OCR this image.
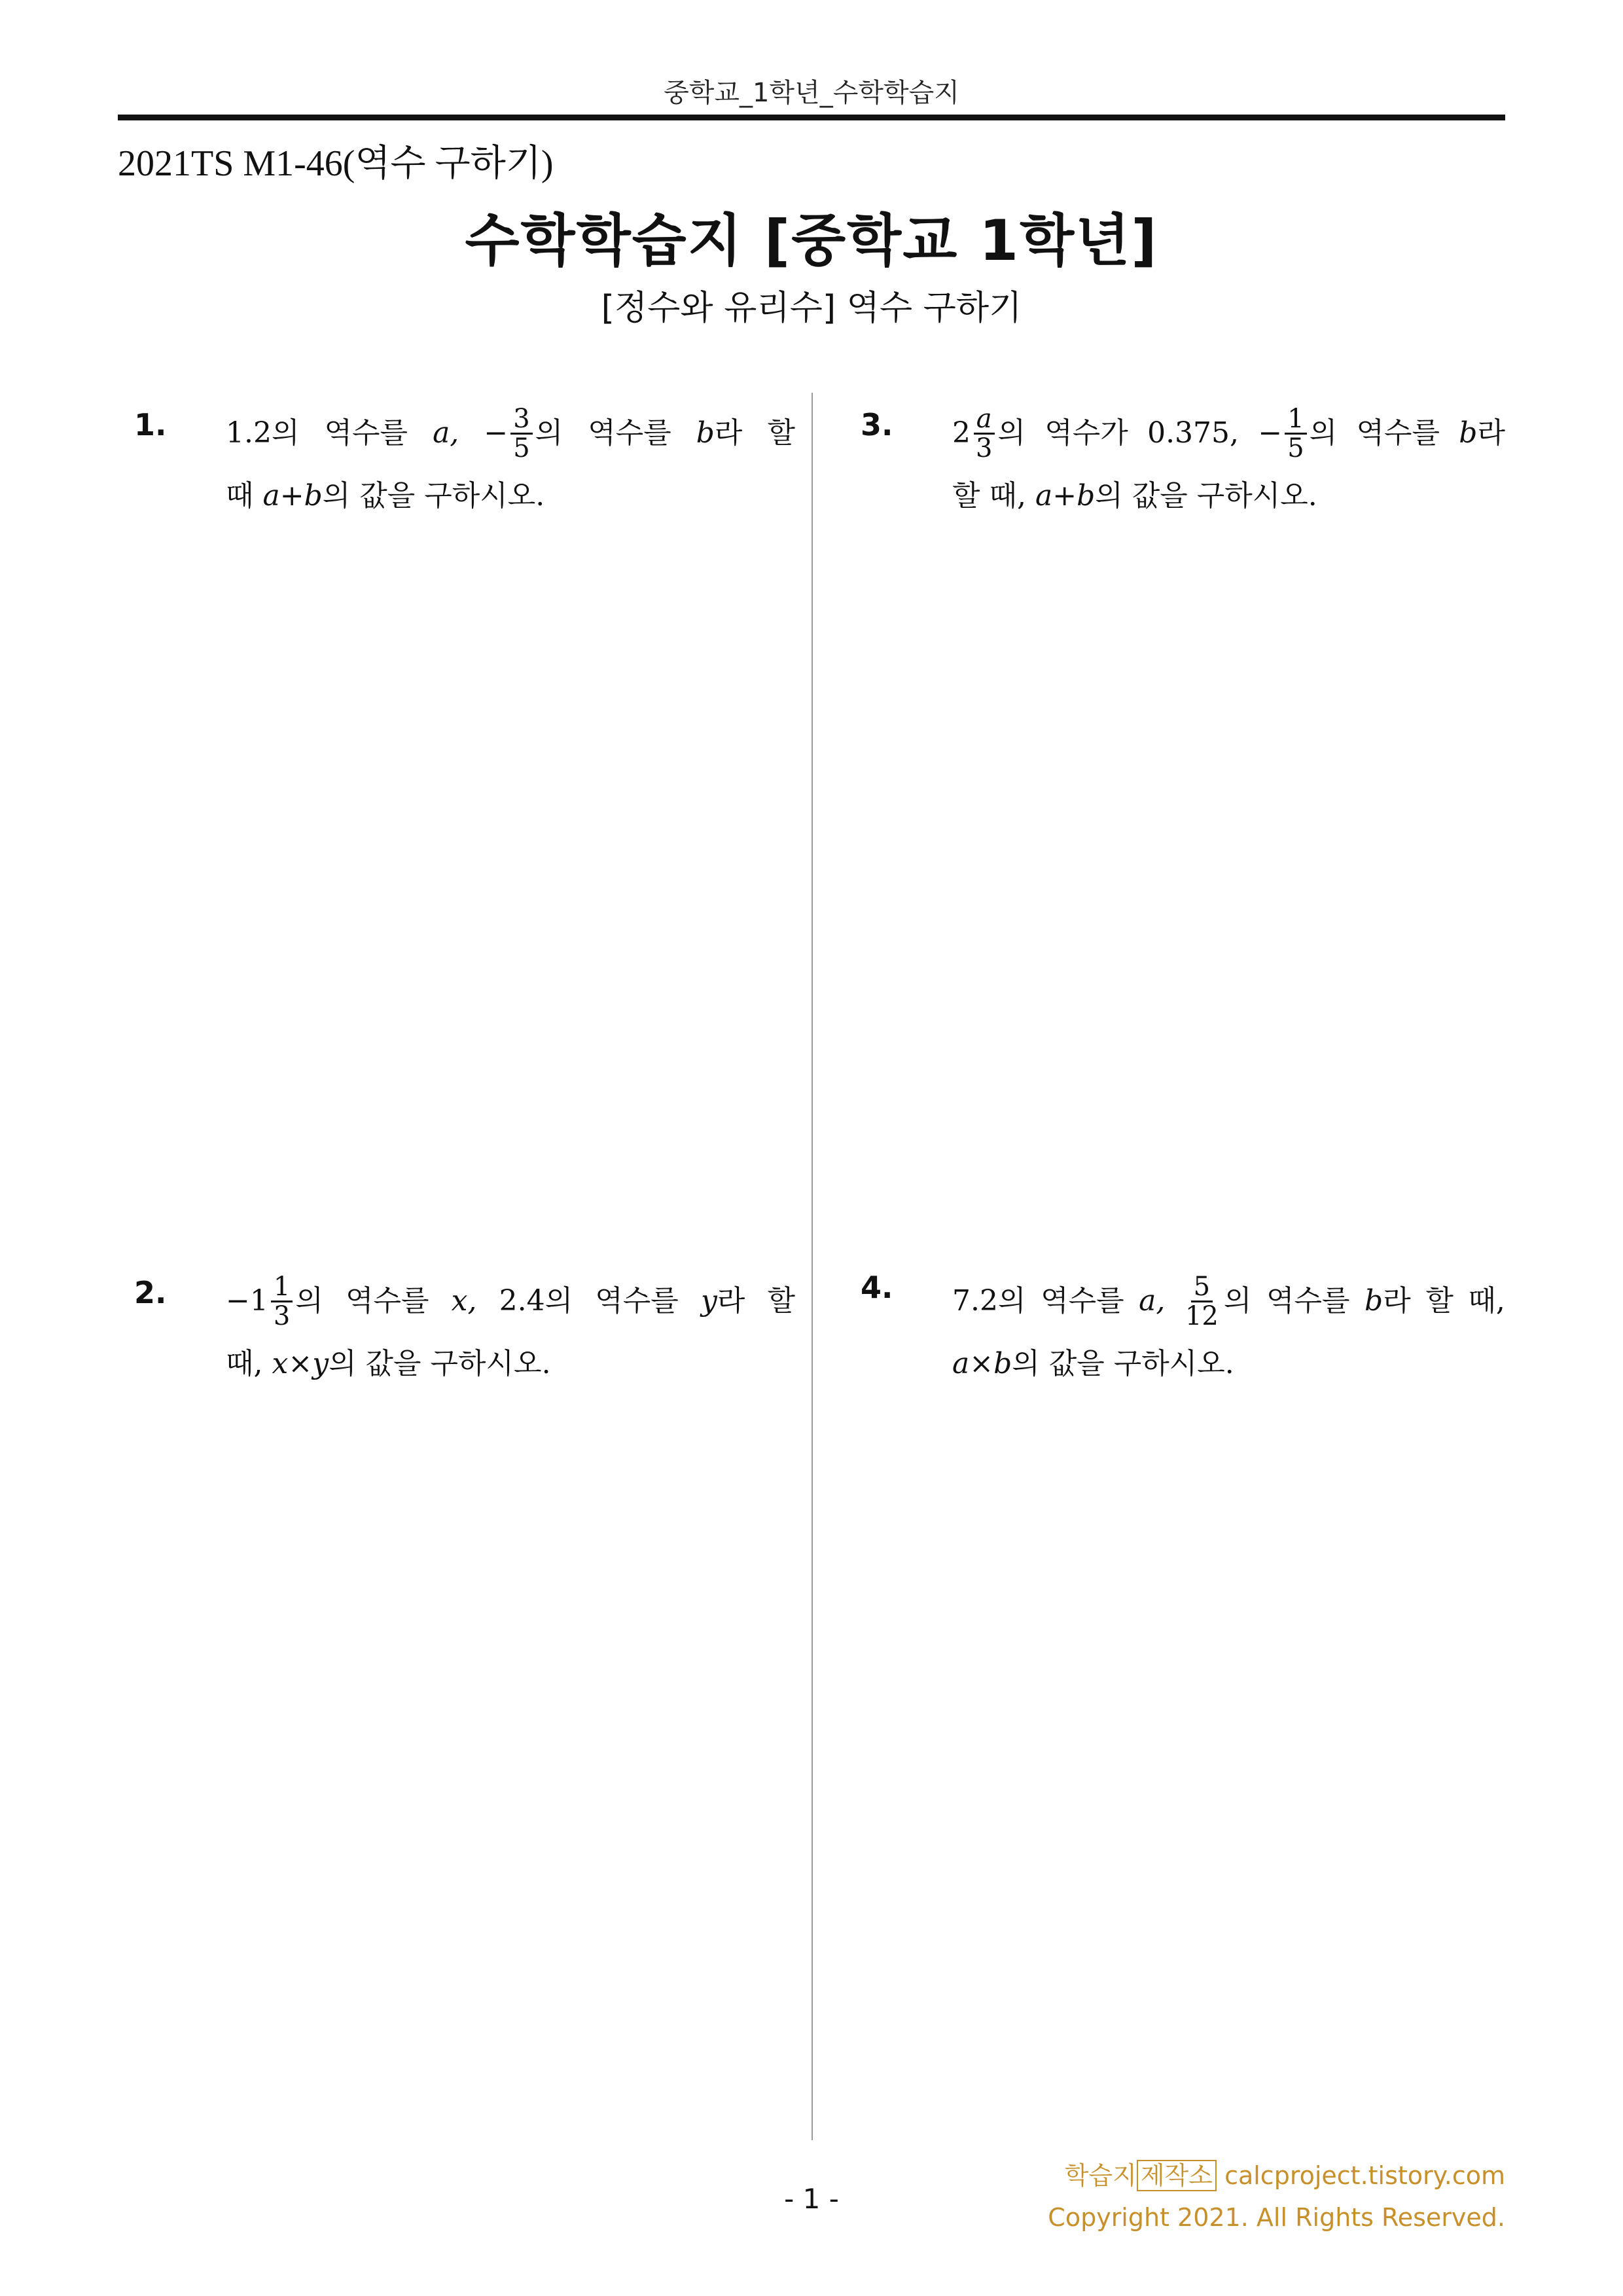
중학교_1학년_수학학습지
2021TS M1-46(역수 구하기)
수학학습지 [중학교 1학년]
[정수와 유리수] 역수 구하기
1. 1.2의 역수를 a, − $\frac{3}{5}$ 의 역수를 b 라 할
때 a+b의 값을 구하시오.
2. $-1 \frac{1}{3}$ 의 역수를 x, 2.4의 역수를 y 라 할
때, x×y의 값을 구하시오.
3. $2 \frac{a}{3}$ 의 역수가 0.375, − $\frac{1}{5}$ 의 역수를 b 라
할 때, a+b의 값을 구하시오.
4. 7.2의 역수를 a, $\frac{5}{12}$ 의 역수를 b 라 할 때,
a×b의 값을 구하시오.
- 1 -
학습지 제작소 calcproject.tistory.com
Copyright 2021. All Rights Reserved.
